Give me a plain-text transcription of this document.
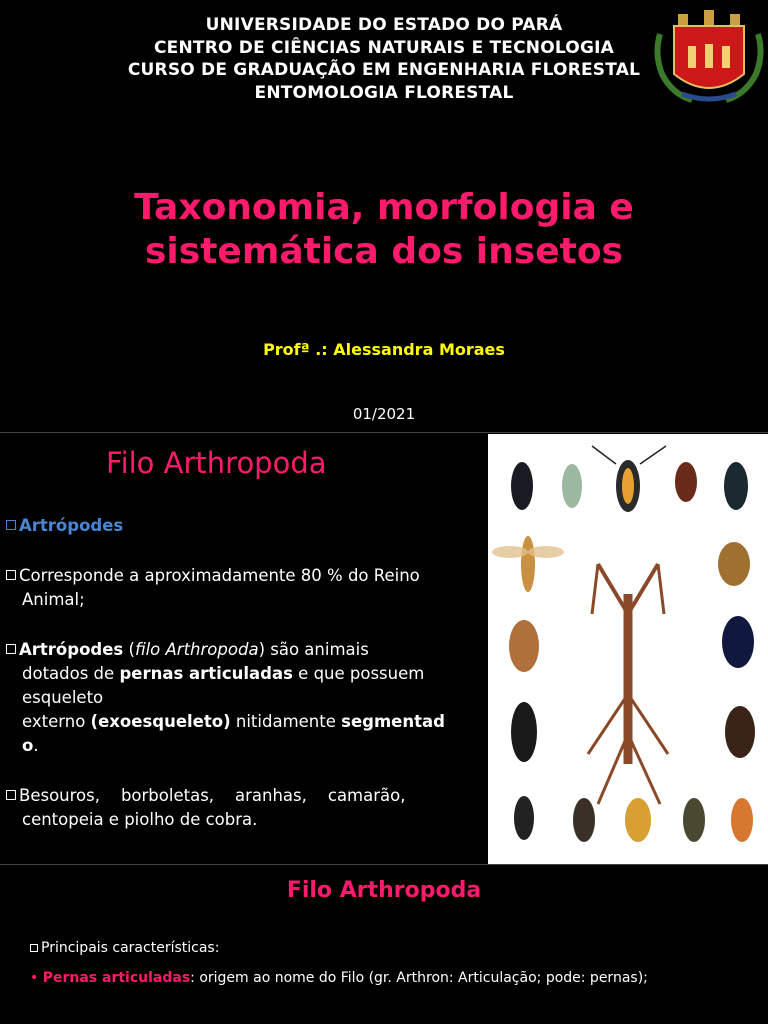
UNIVERSIDADE DO ESTADO DO PARÁ
CENTRO DE CIÊNCIAS NATURAIS E TECNOLOGIA
CURSO DE GRADUAÇÃO EM ENGENHARIA FLORESTAL
ENTOMOLOGIA FLORESTAL
Taxonomia, morfologia e
sistemática dos insetos
Profª .: Alessandra Moraes
01/2021
Filo Arthropoda
Artrópodes
Corresponde a aproximadamente 80 % do Reino
Animal;
Artrópodes (filo Arthropoda) são animais
dotados de pernas articuladas e que possuem
esqueleto
externo (exoesqueleto) nitidamente segmentad
o.
Besouros,    borboletas,    aranhas,    camarão,
centopeia e piolho de cobra.
Filo Arthropoda
Principais características:
• Pernas articuladas: origem ao nome do Filo (gr. Arthron: Articulação; pode: pernas);
